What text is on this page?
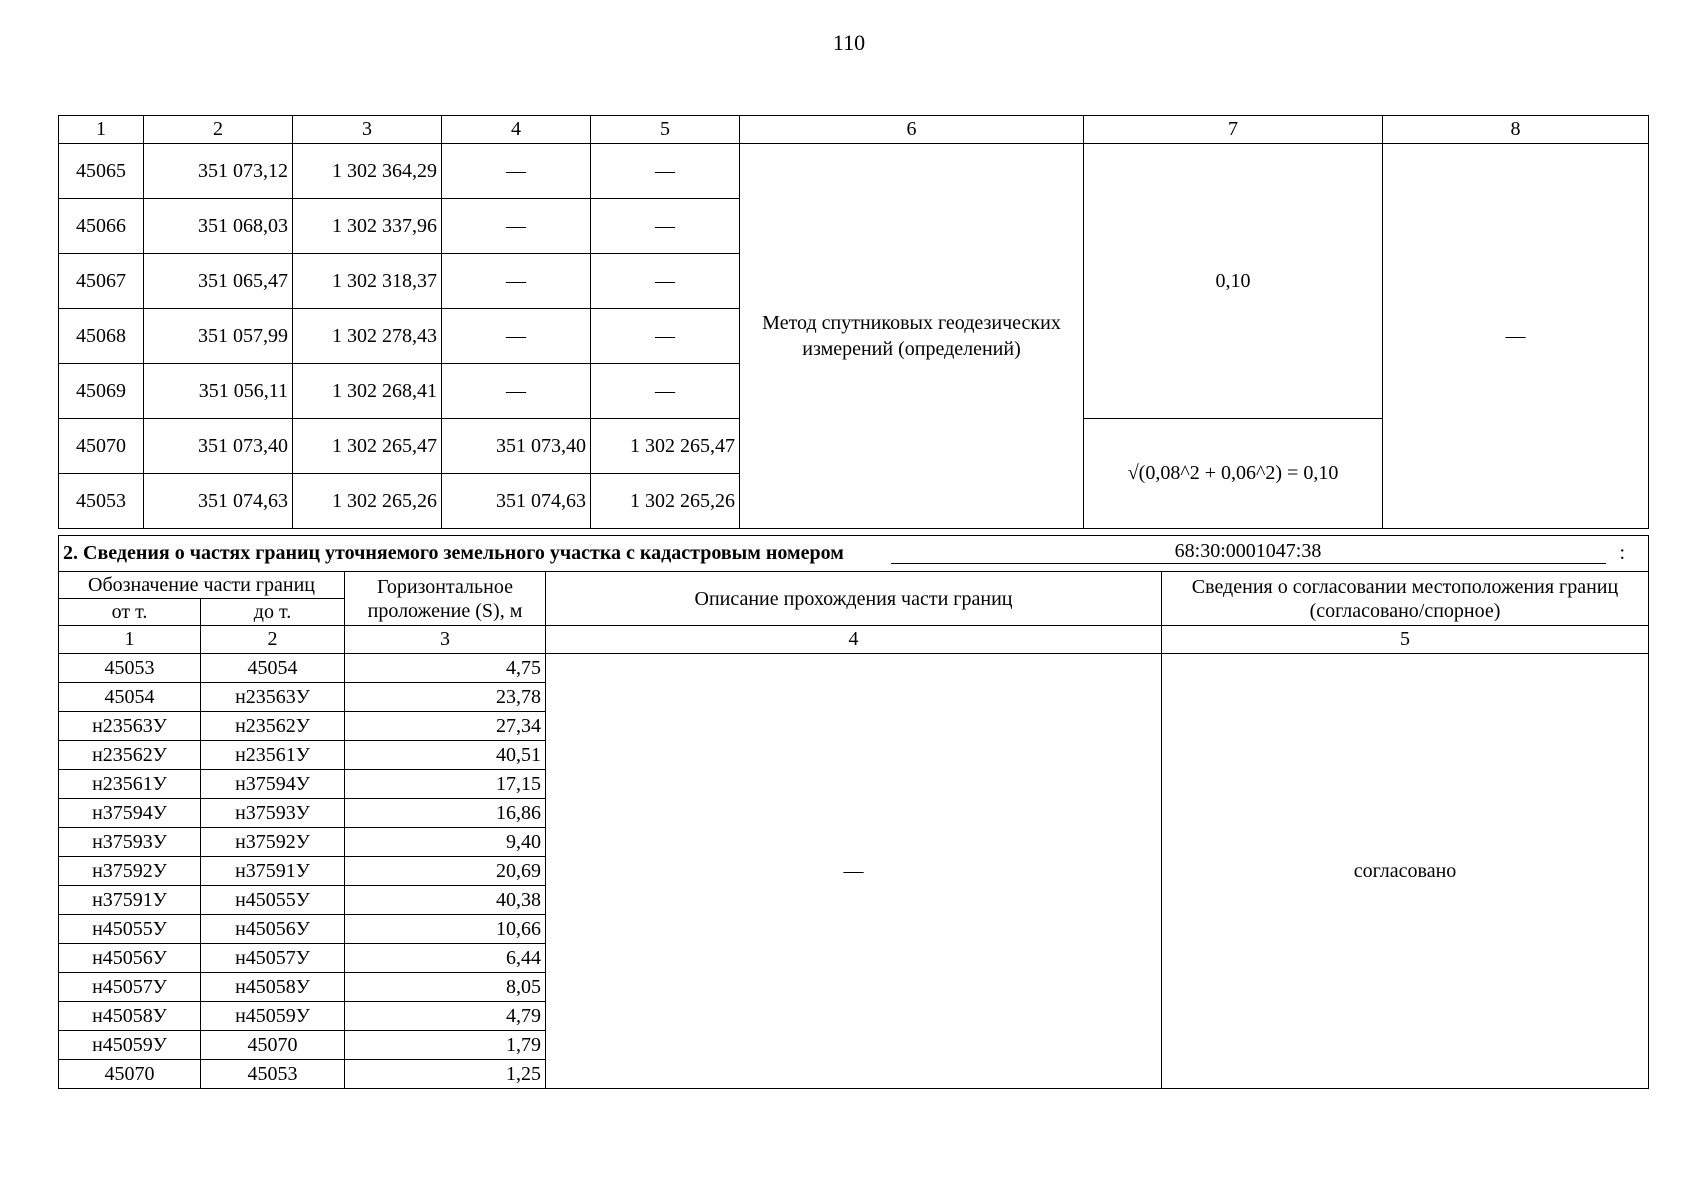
110
1	2	3	4	5	6	7	8
45065	351 073,12	1 302 364,29	—	—	Метод спутниковых геодезических измерений (определений)	0,10	—
45066	351 068,03	1 302 337,96	—	—			
45067	351 065,47	1 302 318,37	—	—			
45068	351 057,99	1 302 278,43	—	—			
45069	351 056,11	1 302 268,41	—	—			
45070	351 073,40	1 302 265,47	351 073,40	1 302 265,47		√(0,08^2 + 0,06^2) = 0,10	
45053	351 074,63	1 302 265,26	351 074,63	1 302 265,26			
2. Сведения о частях границ уточняемого земельного участка с кадастровым номером				68:30:0001047:38		:
Обозначение части границ		Горизонтальное проложение (S), м	Описание прохождения части границ		Сведения о согласовании местоположения границ (согласовано/спорное)	
от т.	до т.					
1	2	3	4		5	
45053	45054	4,75	—		согласовано	
45054	н23563У	23,78				
н23563У	н23562У	27,34				
н23562У	н23561У	40,51				
н23561У	н37594У	17,15				
н37594У	н37593У	16,86				
н37593У	н37592У	9,40				
н37592У	н37591У	20,69				
н37591У	н45055У	40,38				
н45055У	н45056У	10,66				
н45056У	н45057У	6,44				
н45057У	н45058У	8,05				
н45058У	н45059У	4,79				
н45059У	45070	1,79				
45070	45053	1,25				
